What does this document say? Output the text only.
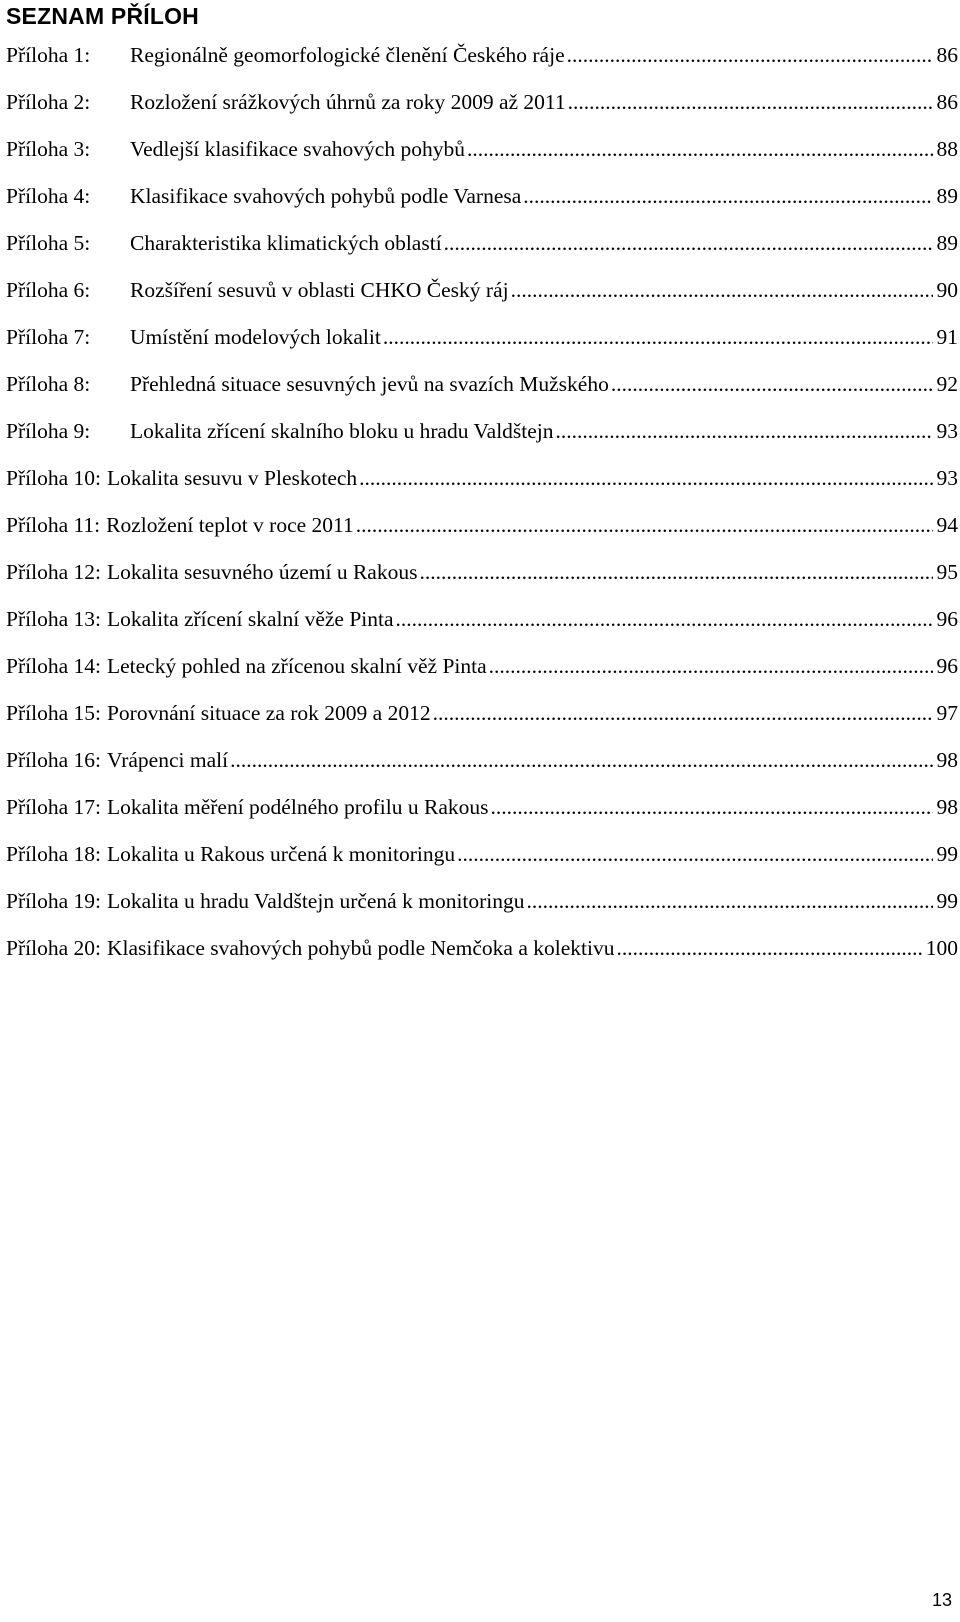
SEZNAM PŘÍLOH
Příloha 1:	Regionálně geomorfologické členění Českého ráje .....	86
Příloha 2:	Rozložení srážkových úhrnů za roky 2009 až 2011 .....	86
Příloha 3:	Vedlejší klasifikace svahových pohybů .....	88
Příloha 4:	Klasifikace svahových pohybů podle Varnesa .....	89
Příloha 5:	Charakteristika klimatických oblastí .....	89
Příloha 6:	Rozšíření sesuvů v oblasti CHKO Český ráj .....	90
Příloha 7:	Umístění modelových lokalit .....	91
Příloha 8:	Přehledná situace sesuvných jevů na svazích Mužského .....	92
Příloha 9:	Lokalita zřícení skalního bloku u hradu Valdštejn .....	93
Příloha 10: Lokalita sesuvu v Pleskotech .....	93
Příloha 11: Rozložení teplot v roce 2011 .....	94
Příloha 12: Lokalita sesuvného území u Rakous .....	95
Příloha 13: Lokalita zřícení skalní věže Pinta .....	96
Příloha 14: Letecký pohled na zřícenou skalní věž Pinta .....	96
Příloha 15: Porovnání situace za rok 2009 a 2012 .....	97
Příloha 16: Vrápenci malí .....	98
Příloha 17: Lokalita měření podélného profilu u Rakous .....	98
Příloha 18: Lokalita u Rakous určená k monitoringu .....	99
Příloha 19: Lokalita u hradu Valdštejn určená k monitoringu .....	99
Příloha 20: Klasifikace svahových pohybů podle Nemčoka a kolektivu .....	100
13
